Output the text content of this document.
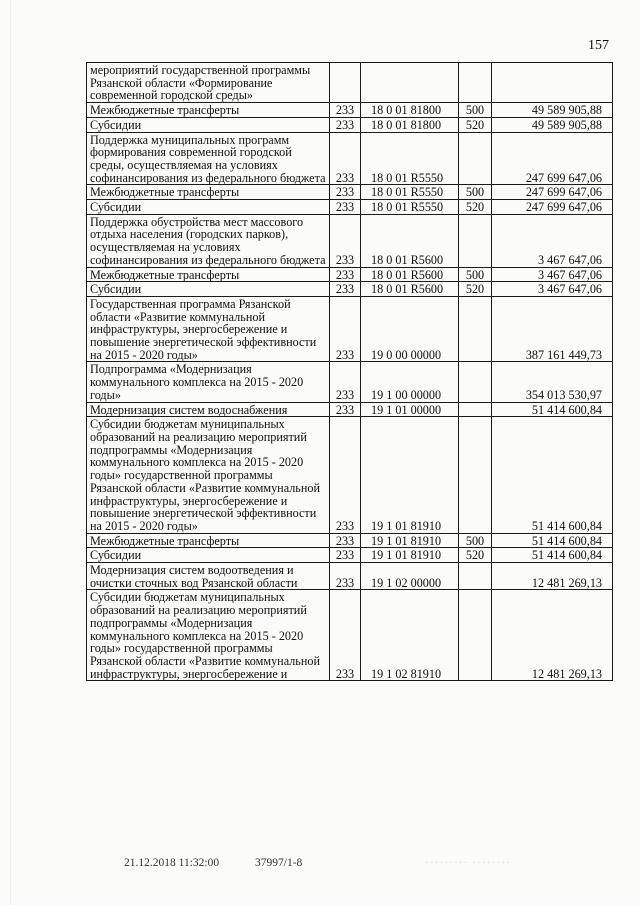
157
мероприятий государственной программы Рязанской области «Формирование современной городской среды»				
Межбюджетные трансферты	233	18 0 01 81800	500	49 589 905,88
Субсидии	233	18 0 01 81800	520	49 589 905,88
Поддержка муниципальных программ формирования современной городской среды, осуществляемая на условиях софинансирования из федерального бюджета	233	18 0 01 R5550		247 699 647,06
Межбюджетные трансферты	233	18 0 01 R5550	500	247 699 647,06
Субсидии	233	18 0 01 R5550	520	247 699 647,06
Поддержка обустройства мест массового отдыха населения (городских парков), осуществляемая на условиях софинансирования из федерального бюджета	233	18 0 01 R5600		3 467 647,06
Межбюджетные трансферты	233	18 0 01 R5600	500	3 467 647,06
Субсидии	233	18 0 01 R5600	520	3 467 647,06
Государственная программа Рязанской области «Развитие коммунальной инфраструктуры, энергосбережение и повышение энергетической эффективности на 2015 - 2020 годы»	233	19 0 00 00000		387 161 449,73
Подпрограмма «Модернизация коммунального комплекса на 2015 - 2020 годы»	233	19 1 00 00000		354 013 530,97
Модернизация систем водоснабжения	233	19 1 01 00000		51 414 600,84
Субсидии бюджетам муниципальных образований на реализацию мероприятий подпрограммы «Модернизация коммунального комплекса на 2015 - 2020 годы» государственной программы Рязанской области «Развитие коммунальной инфраструктуры, энергосбережение и повышение энергетической эффективности на 2015 - 2020 годы»	233	19 1 01 81910		51 414 600,84
Межбюджетные трансферты	233	19 1 01 81910	500	51 414 600,84
Субсидии	233	19 1 01 81910	520	51 414 600,84
Модернизация систем водоотведения и очистки сточных вод Рязанской области	233	19 1 02 00000		12 481 269,13
Субсидии бюджетам муниципальных образований на реализацию мероприятий подпрограммы «Модернизация коммунального комплекса на 2015 - 2020 годы» государственной программы Рязанской области «Развитие коммунальной инфраструктуры, энергосбережение и	233	19 1 02 81910		12 481 269,13
21.12.2018 11:32:00	37997/1-8	········· ········
